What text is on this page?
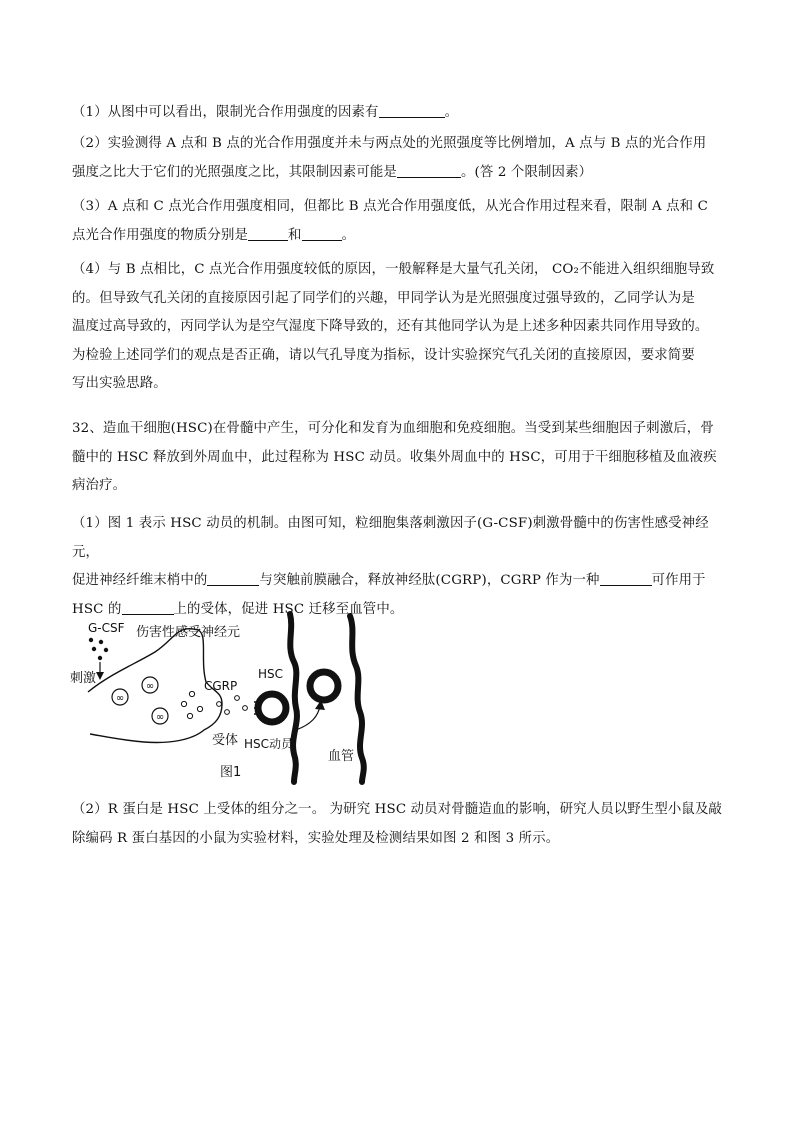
（1）从图中可以看出，限制光合作用强度的因素有	。

（2）实验测得 A 点和 B 点的光合作用强度并未与两点处的光照强度等比例增加，A 点与 B 点的光合作用
强度之比大于它们的光照强度之比，其限制因素可能是	。(答 2 个限制因素）

（3）A 点和 C 点光合作用强度相同，但都比 B 点光合作用强度低，从光合作用过程来看，限制 A 点和 C
点光合作用强度的物质分别是	和	。

（4）与 B 点相比，C 点光合作用强度较低的原因，一般解释是大量气孔关闭， CO₂不能进入组织细胞导致
的。但导致气孔关闭的直接原因引起了同学们的兴趣，甲同学认为是光照强度过强导致的，乙同学认为是
温度过高导致的，丙同学认为是空气湿度下降导致的，还有其他同学认为是上述多种因素共同作用导致的。
为检验上述同学们的观点是否正确，请以气孔导度为指标，设计实验探究气孔关闭的直接原因，要求简要
写出实验思路。

32、造血干细胞(HSC)在骨髓中产生，可分化和发育为血细胞和免疫细胞。当受到某些细胞因子刺激后，骨
髓中的 HSC 释放到外周血中，此过程称为 HSC 动员。收集外周血中的 HSC，可用于干细胞移植及血液疾
病治疗。

（1）图 1 表示 HSC 动员的机制。由图可知，粒细胞集落刺激因子(G-CSF)刺激骨髓中的伤害性感受神经元，
促进神经纤维末梢中的	与突触前膜融合，释放神经肽(CGRP)，CGRP 作为一种	可作用于
HSC 的	上的受体，促进 HSC 迁移至血管中。

∞
∞
∞
G-CSF 伤害性感受神经元
刺激	CGRP
HSC
受体 HSC动员
血管
图1

（2）R 蛋白是 HSC 上受体的组分之一。 为研究 HSC 动员对骨髓造血的影响，研究人员以野生型小鼠及敲
除编码 R 蛋白基因的小鼠为实验材料，实验处理及检测结果如图 2 和图 3 所示。
